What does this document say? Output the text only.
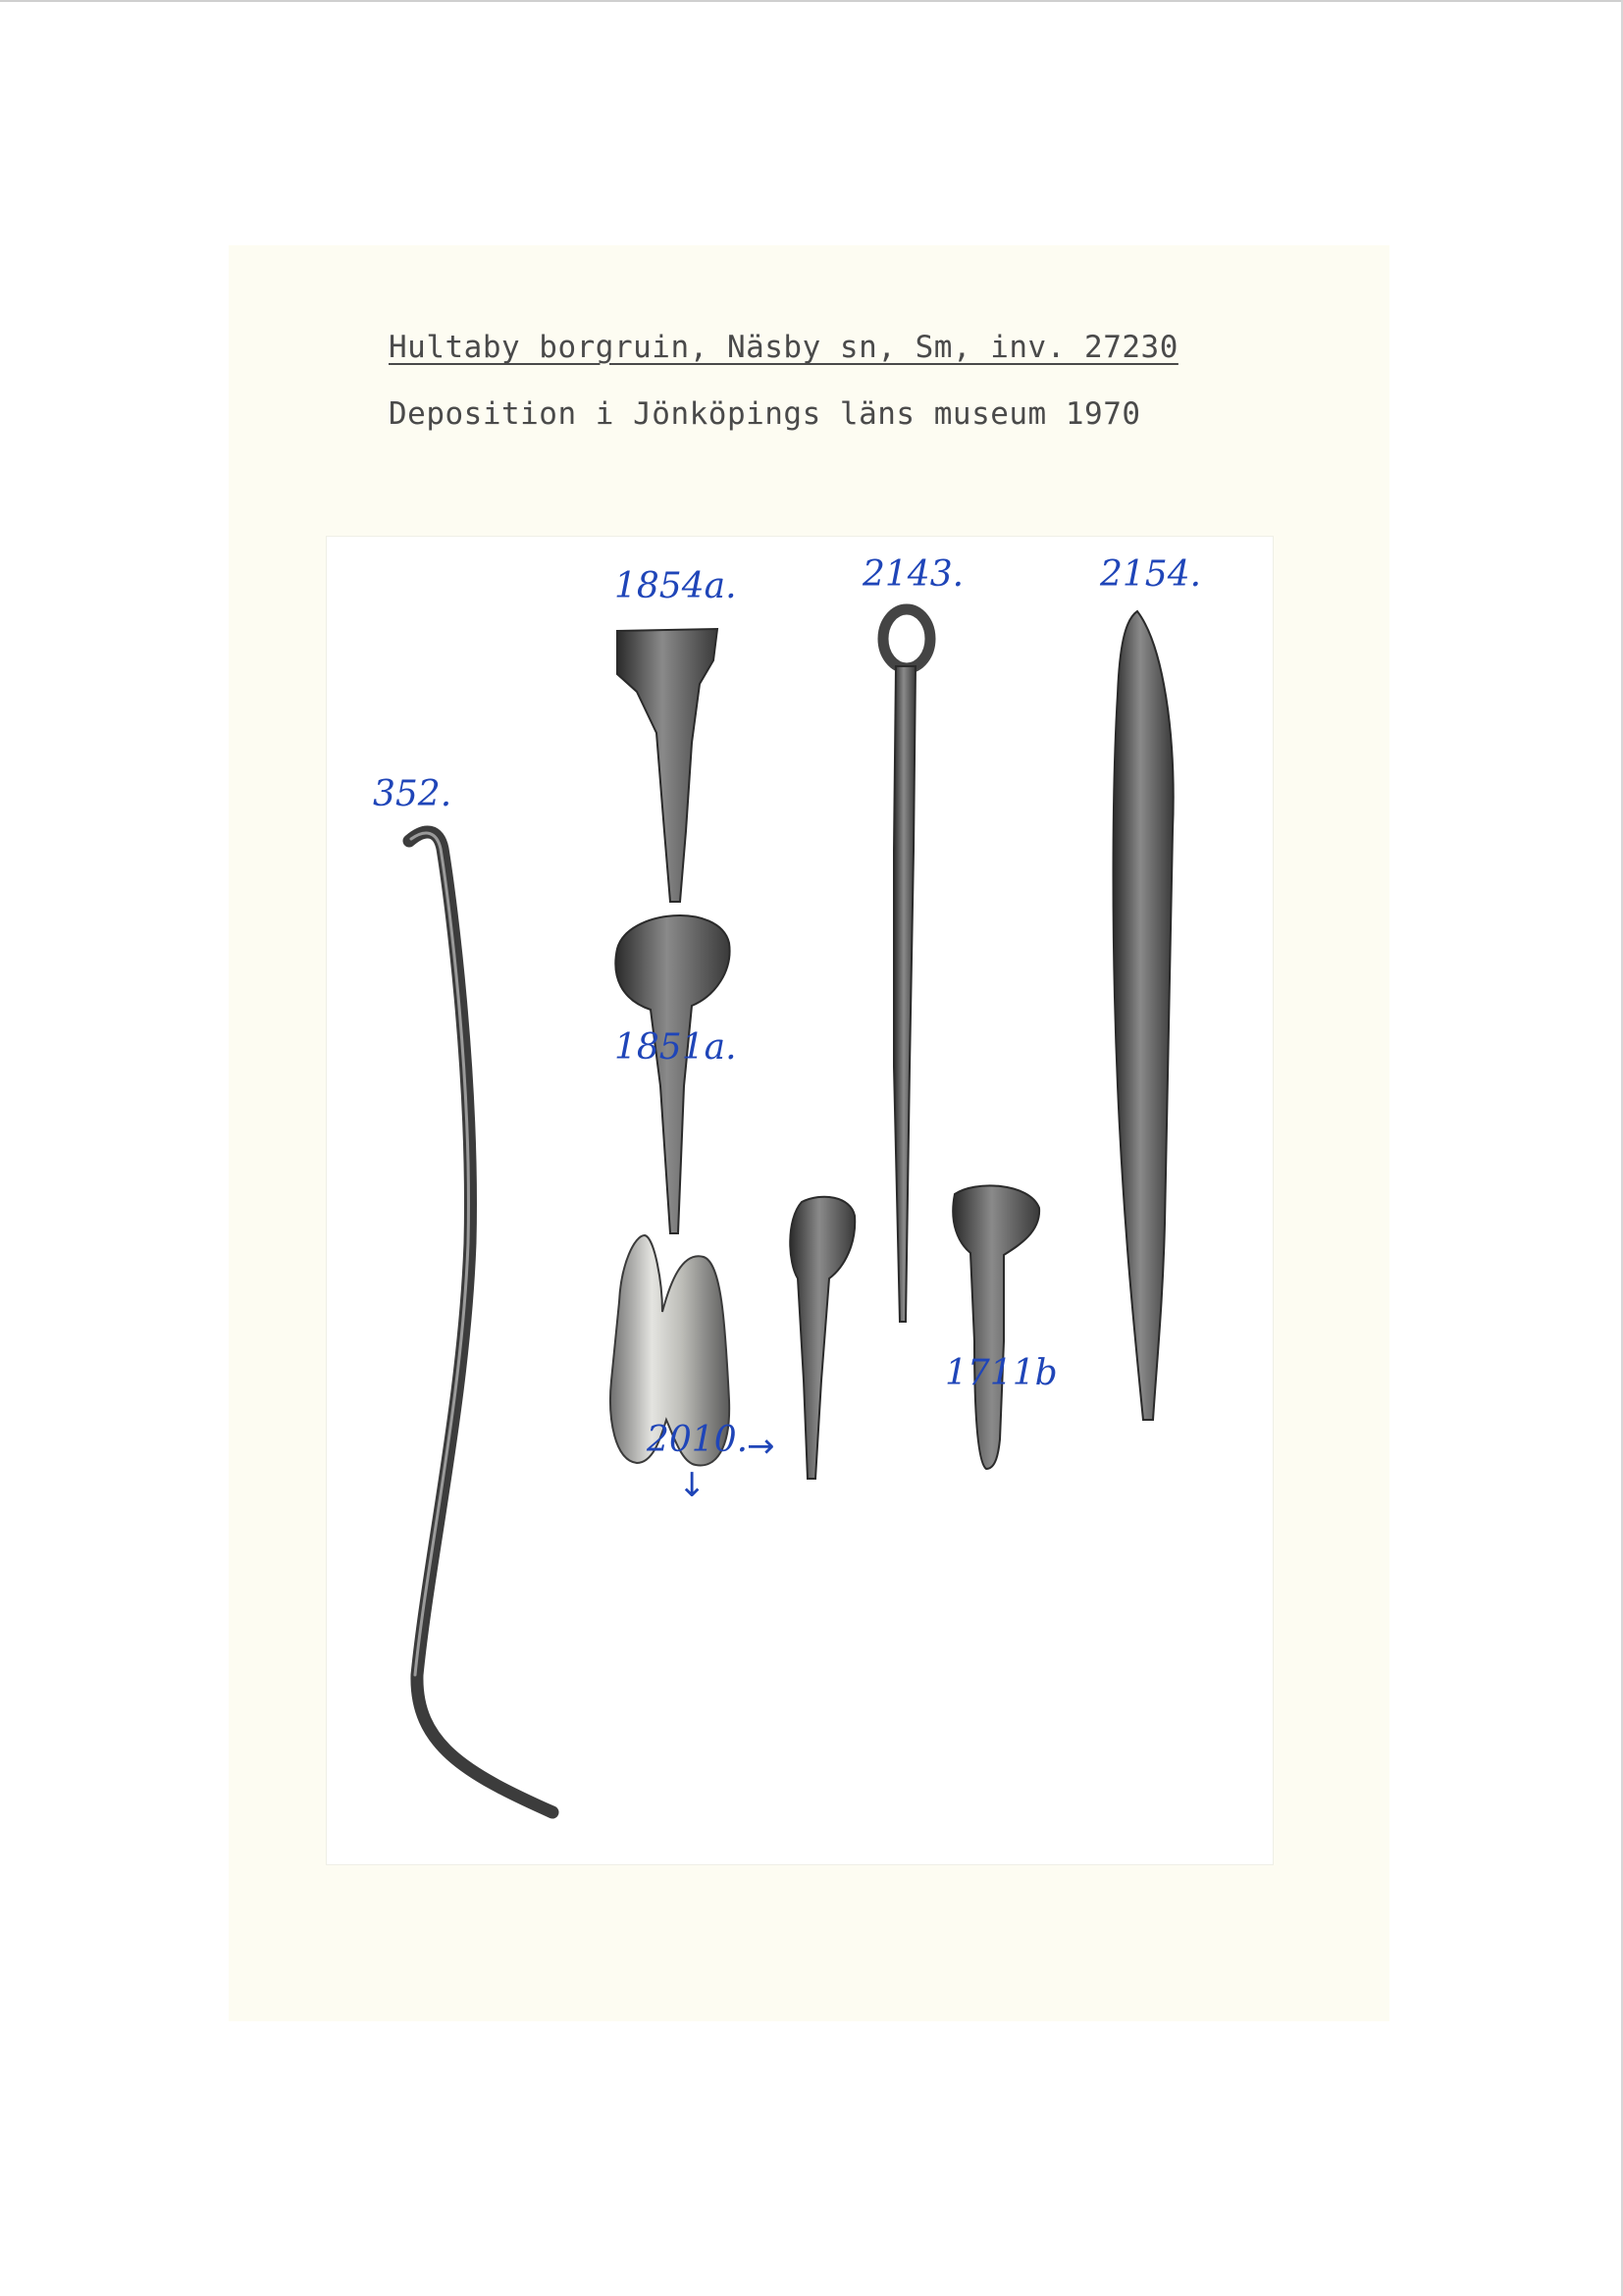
Hultaby borgruin, Näsby sn, Sm, inv. 27230
Deposition i Jönköpings läns museum 1970
1854a.	2143.	2154.
352.
1851a.
1711b
2010.
→
↓
